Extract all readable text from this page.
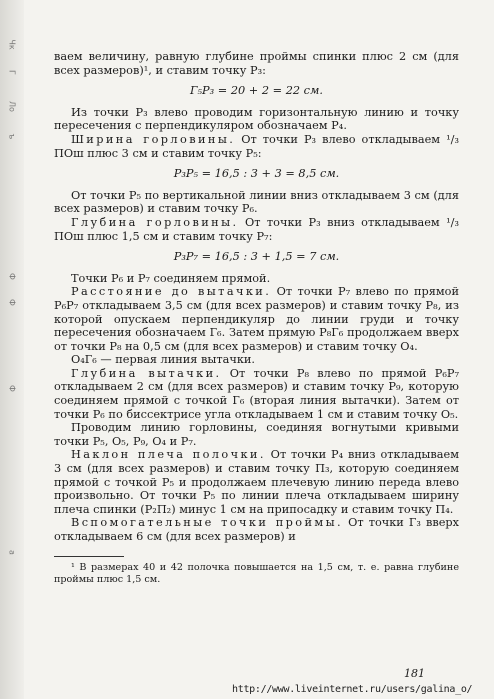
Чк
Г
Ло
ъ
Ф
Ф
Ф
а

ваем величину, равную глубине проймы спинки плюс 2 см (для всех размеров)¹, и ставим точку Р₃:

Г₅Р₃ = 20 + 2 = 22 см.

Из точки Р₃ влево проводим горизонтальную линию и точку пересечения с перпендикуляром обозначаем Р₄.

Ширина горловины. От точки Р₃ влево откладываем ¹/₃ ПОш плюс 3 см и ставим точку Р₅:

Р₃Р₅ = 16,5 : 3 + 3 = 8,5 см.

От точки Р₅ по вертикальной линии вниз откладываем 3 см (для всех размеров) и ставим точку Р₆.

Глубина горловины. От точки Р₃ вниз откладываем ¹/₃ ПОш плюс 1,5 см и ставим точку Р₇:

Р₃Р₇ = 16,5 : 3 + 1,5 = 7 см.

Точки Р₆ и Р₇ соединяем прямой.

Расстояние до вытачки. От точки Р₇ влево по прямой Р₆Р₇ откладываем 3,5 см (для всех размеров) и ставим точку Р₈, из которой опускаем перпендикуляр до линии груди и точку пересечения обозначаем Г₆. Затем прямую Р₈Г₆ продолжаем вверх от точки Р₈ на 0,5 см (для всех размеров) и ставим точку О₄.

О₄Г₆ — первая линия вытачки.

Глубина вытачки. От точки Р₈ влево по прямой Р₆Р₇ откладываем 2 см (для всех размеров) и ставим точку Р₉, которую соединяем прямой с точкой Г₆ (вторая линия вытачки). Затем от точки Р₆ по биссектрисе угла откладываем 1 см и ставим точку О₅.

Проводим линию горловины, соединяя вогнутыми кривыми точки Р₅, О₅, Р₉, О₄ и Р₇.

Наклон плеча полочки. От точки Р₄ вниз откладываем 3 см (для всех размеров) и ставим точку П₃, которую соединяем прямой с точкой Р₅ и продолжаем плечевую линию переда влево произвольно. От точки Р₅ по линии плеча откладываем ширину плеча спинки (Р₂П₂) минус 1 см на припосадку и ставим точку П₄.

Вспомогательные точки проймы. От точки Г₃ вверх откладываем 6 см (для всех размеров) и

¹ В размерах 40 и 42 полочка повышается на 1,5 см, т. е. равна глубине проймы плюс 1,5 см.

181
http://www.liveinternet.ru/users/galina_o/
